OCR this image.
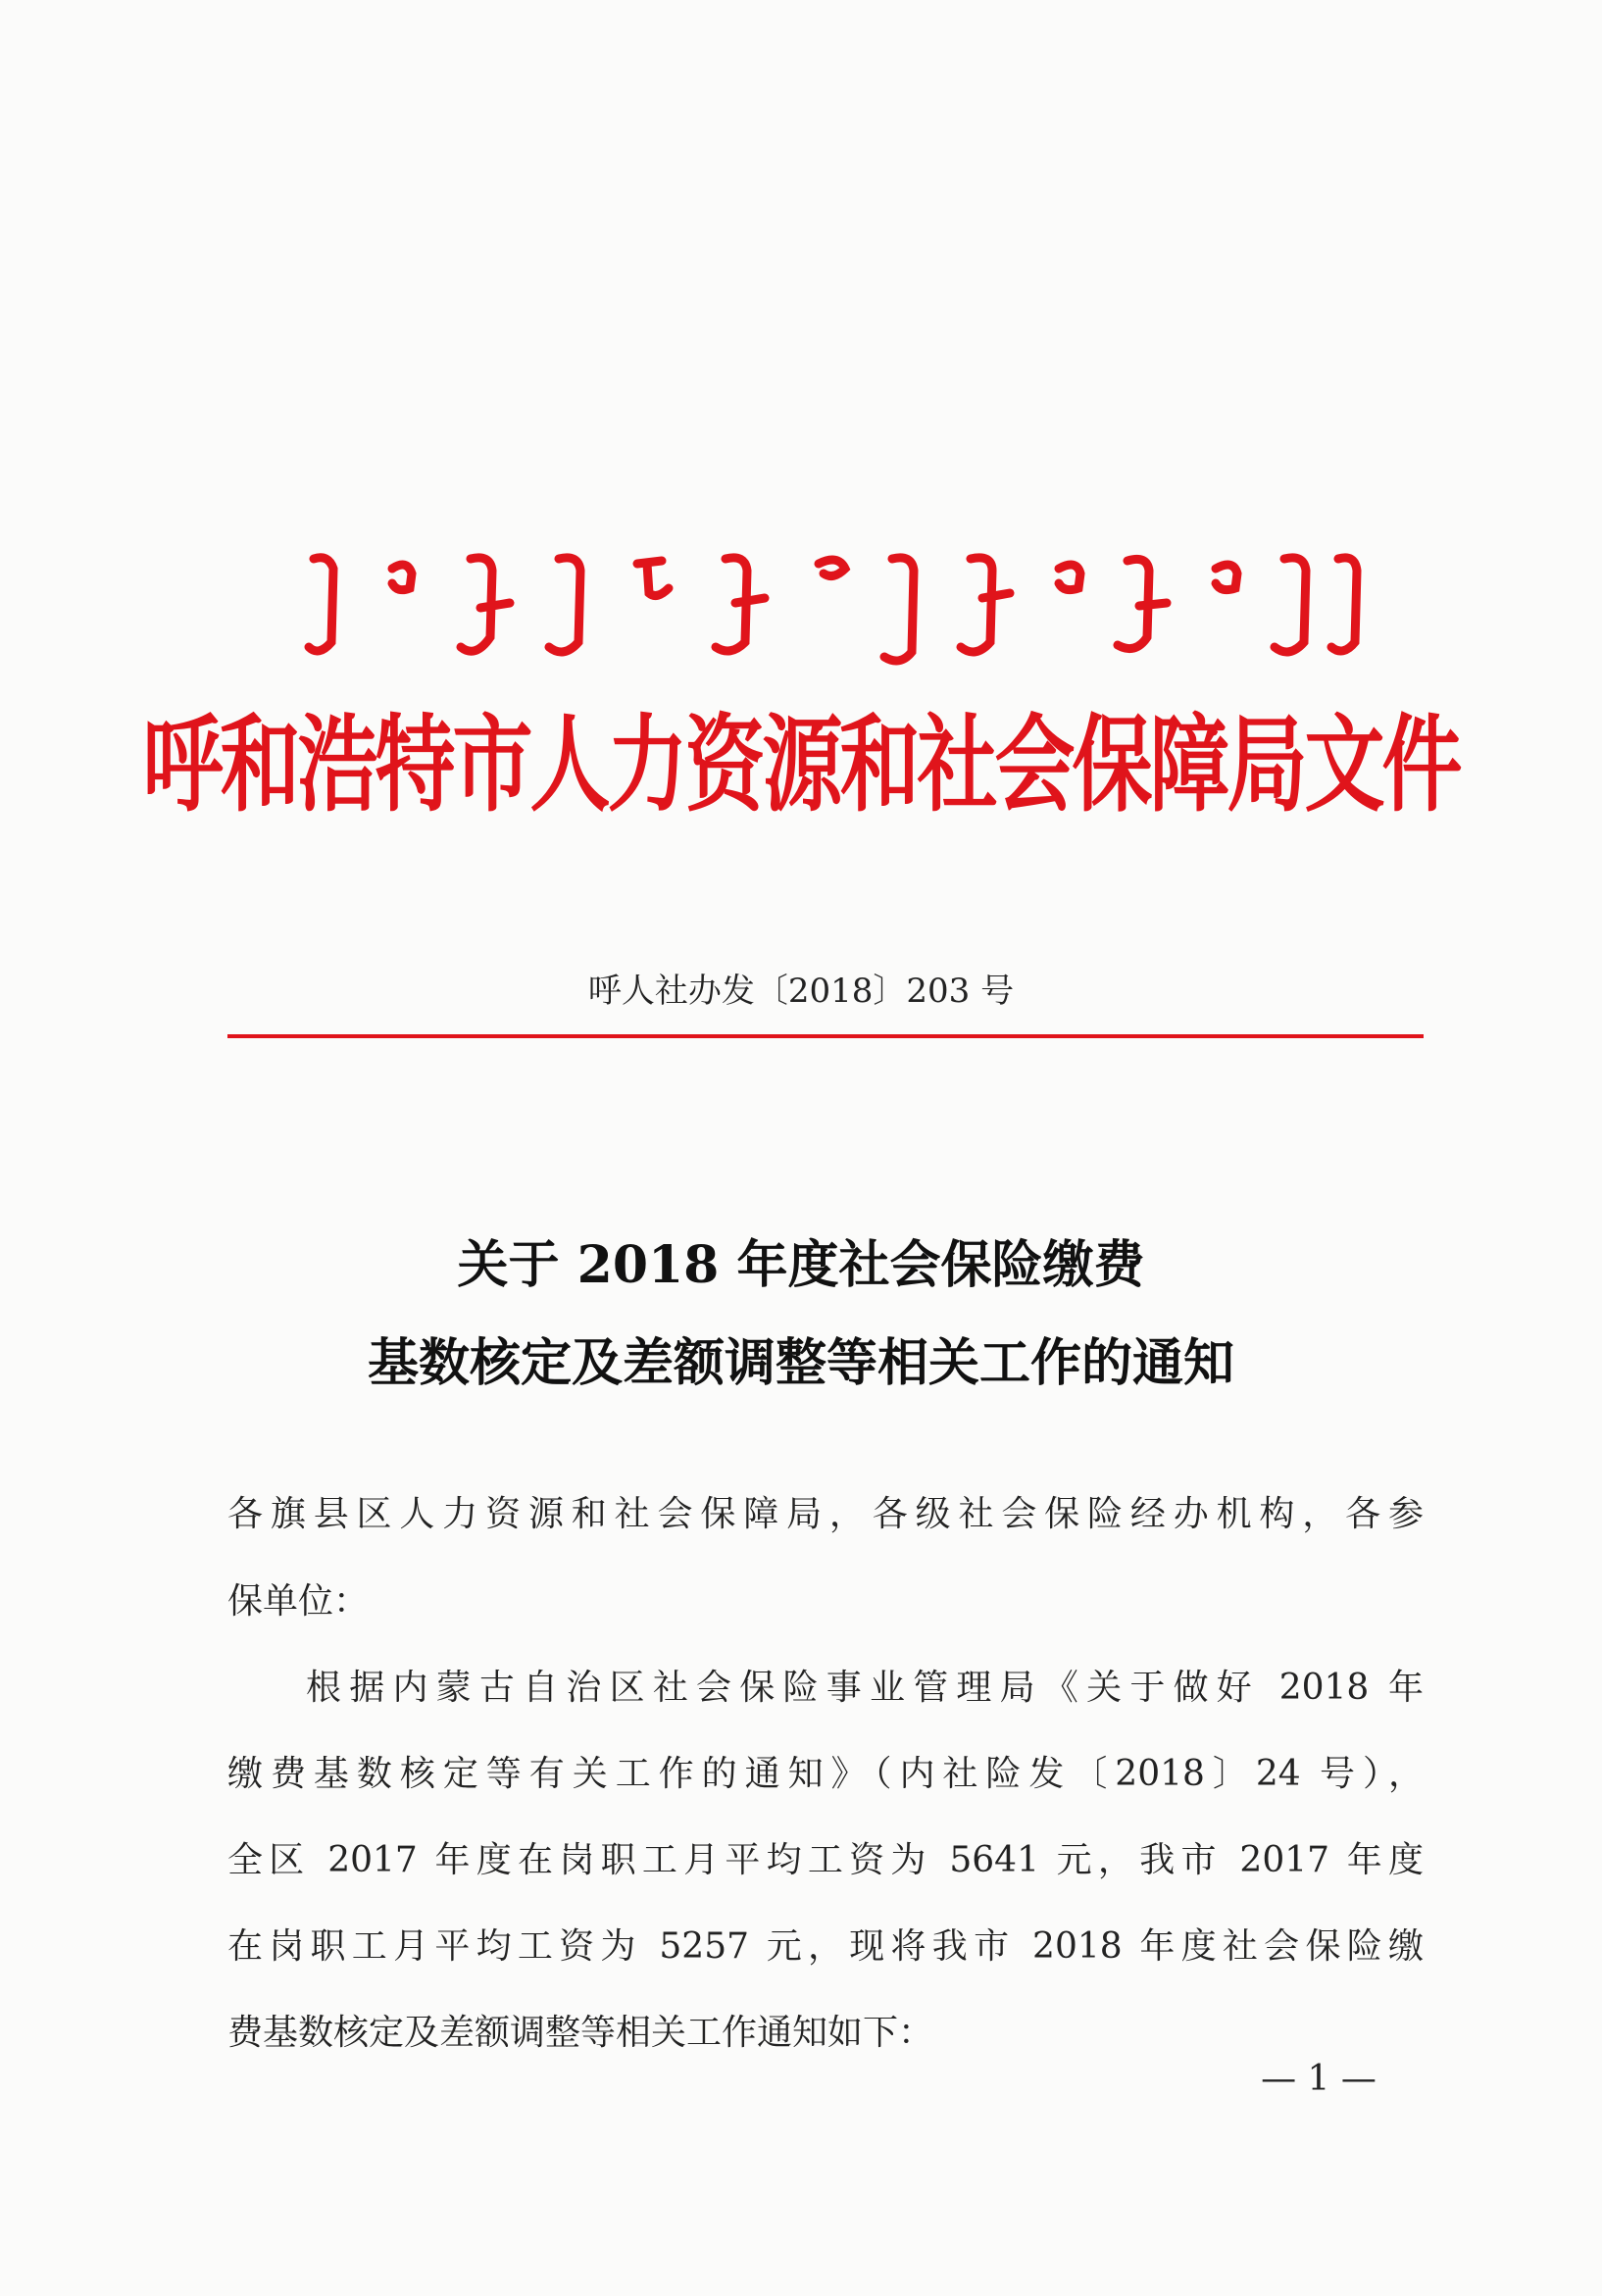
呼和浩特市人力资源和社会保障局文件
呼人社办发〔2018〕203 号
关于 2018 年度社会保险缴费
基数核定及差额调整等相关工作的通知
各旗县区人力资源和社会保障局，各级社会保险经办机构，各参
保单位：
根据内蒙古自治区社会保险事业管理局《关于做好 2018 年
缴费基数核定等有关工作的通知》（内社险发〔2018〕24 号），
全区 2017 年度在岗职工月平均工资为 5641 元，我市 2017 年度
在岗职工月平均工资为 5257 元，现将我市 2018 年度社会保险缴
费基数核定及差额调整等相关工作通知如下：
— 1 —
